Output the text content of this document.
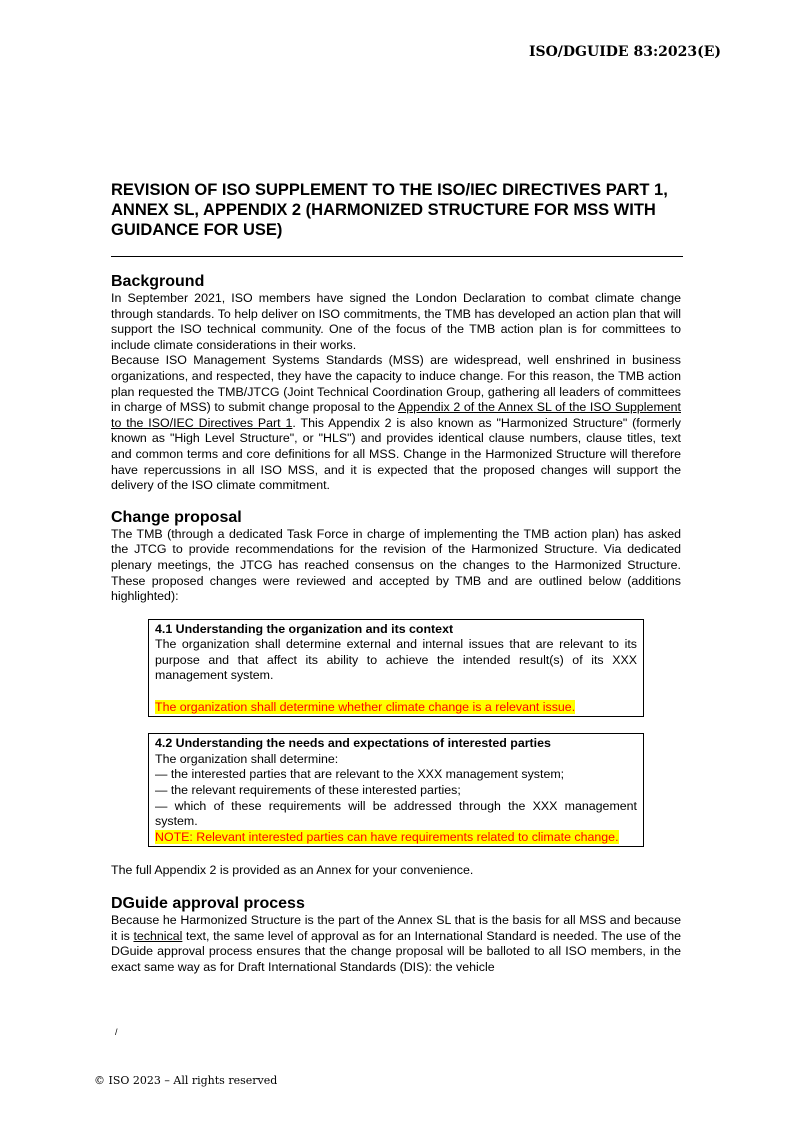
ISO/DGUIDE 83:2023(E)
REVISION OF ISO SUPPLEMENT TO THE ISO/IEC DIRECTIVES PART 1, ANNEX SL, APPENDIX 2 (HARMONIZED STRUCTURE FOR MSS WITH GUIDANCE FOR USE)
Background

In September 2021, ISO members have signed the London Declaration to combat climate change through standards. To help deliver on ISO commitments, the TMB has developed an action plan that will support the ISO technical community. One of the focus of the TMB action plan is for committees to include climate considerations in their works.

Because ISO Management Systems Standards (MSS) are widespread, well enshrined in business organizations, and respected, they have the capacity to induce change. For this reason, the TMB action plan requested the TMB/JTCG (Joint Technical Coordination Group, gathering all leaders of committees in charge of MSS) to submit change proposal to the Appendix 2 of the Annex SL of the ISO Supplement to the ISO/IEC Directives Part 1. This Appendix 2 is also known as "Harmonized Structure" (formerly known as "High Level Structure", or "HLS") and provides identical clause numbers, clause titles, text and common terms and core definitions for all MSS. Change in the Harmonized Structure will therefore have repercussions in all ISO MSS, and it is expected that the proposed changes will support the delivery of the ISO climate commitment.

Change proposal

The TMB (through a dedicated Task Force in charge of implementing the TMB action plan) has asked the JTCG to provide recommendations for the revision of the Harmonized Structure. Via dedicated plenary meetings, the JTCG has reached consensus on the changes to the Harmonized Structure. These proposed changes were reviewed and accepted by TMB and are outlined below (additions highlighted):

4.1 Understanding the organization and its context

The organization shall determine external and internal issues that are relevant to its purpose and that affect its ability to achieve the intended result(s) of its XXX management system.

The organization shall determine whether climate change is a relevant issue.

4.2 Understanding the needs and expectations of interested parties

The organization shall determine:

— the interested parties that are relevant to the XXX management system;

— the relevant requirements of these interested parties;

— which of these requirements will be addressed through the XXX management system.

NOTE: Relevant interested parties can have requirements related to climate change.

The full Appendix 2 is provided as an Annex for your convenience.

DGuide approval process

Because he Harmonized Structure is the part of the Annex SL that is the basis for all MSS and because it is technical text, the same level of approval as for an International Standard is needed. The use of the DGuide approval process ensures that the change proposal will be balloted to all ISO members, in the exact same way as for Draft International Standards (DIS): the vehicle

/
© ISO 2023 – All rights reserved
